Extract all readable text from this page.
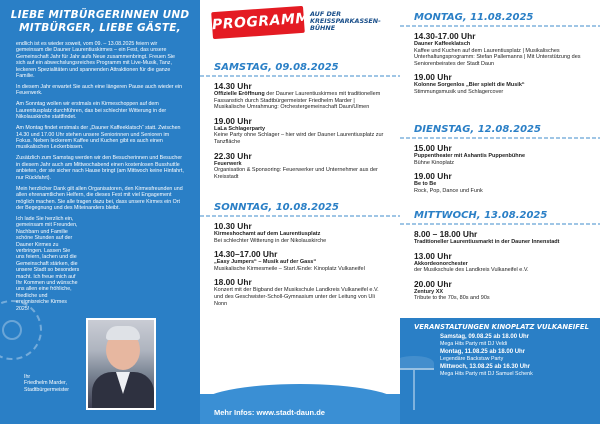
LIEBE MITBÜRGERINNEN UND MITBÜRGER, LIEBE GÄSTE,

endlich ist es wieder soweit, vom 09. – 13.08.2025 feiern wir gemeinsam die Dauner Laurentiuskirmes – ein Fest, das unsere Gemeinschaft Jahr für Jahr aufs Neue zusammenbringt. Freuen Sie sich auf ein abwechslungsreiches Programm mit Live-Musik, Tanz, leckeren Spezialitäten und spannenden Attraktionen für die ganze Familie.

In diesem Jahr erwartet Sie auch eine längeren Pause auch wieder ein Feuerwerk.

Am Sonntag wollen wir erstmals ein Kirmeschoppen auf dem Laurentiusplatz durchführen, das bei schlechter Witterung in der Nikolauskirche stattfindet.

Am Montag findet erstmals der „Dauner Kaffeeklatsch“ statt. Zwischen 14.30 und 17.00 Uhr stehen unsere Seniorinnen und Senioren im Fokus. Neben leckerem Kaffee und Kuchen gibt es auch einen musikalischen Leckerbissen.

Zusätzlich zum Samstag werden wir den Besucherinnen und Besucher in diesem Jahr auch am Mittwochabend einen kostenlosen Busshuttle anbieten, der sie sicher nach Hause bringt (am Mittwoch keine Hinfahrt, nur Rückfahrt).

Mein herzlicher Dank gilt allen Organisatoren, den Kirmesfreunden und allen ehrenamtlichen Helfern, die dieses Fest mit viel Engagement möglich machen. Sie alle tragen dazu bei, dass unsere Kirmes ein Ort der Begegnung und des Miteinanders bleibt.

Ich lade Sie herzlich ein, gemeinsam mit Freunden, Nachbarn und Familie schöne Stunden auf der Dauner Kirmes zu verbringen. Lassen Sie uns feiern, lachen und die Gemeinschaft stärken, die unsere Stadt so besonders macht. Ich freue mich auf Ihr Kommen und wünsche uns allen eine fröhliche, friedliche und ereignisreiche Kirmes 2025!

Ihr
Friedhelm Marder,
Stadtbürgermeister
PROGRAMM AUF DER KREISSPARKASSEN-BÜHNE
SAMSTAG, 09.08.2025
14.30 Uhr
Offizielle Eröffnung der Dauner Laurentiuskirmes mit traditionellem Fassanstich durch Stadtbürgermeister Friedhelm Marder | Musikalische Umrahmung: Orchestergemeinschaft Daun/Ulmen
19.00 Uhr
LaLa Schlagerparty
Keine Party ohne Schlager – hier wird der Dauner Laurentiusplatz zur Tanzfläche
22.30 Uhr
Feuerwerk
Organisation & Sponsoring: Feuerwerker und Unternehmer aus der Kreisstadt
SONNTAG, 10.08.2025
10.30 Uhr
Kirmeshochamt auf dem Laurentiusplatz
Bei schlechter Witterung in der Nikolauskirche
14.30–17.00 Uhr
„Easy Jumpers“ – Musik auf der Gass“
Musikalische Kirmesmeile – Start /Ende: Kinoplatz Vulkaneifel
18.00 Uhr
Konzert mit der Bigband der Musikschule Landkreis Vulkaneifel e.V. und des Geschwister-Scholl-Gymnasium unter der Leitung von Uli Nonn
Mehr Infos: www.stadt-daun.de
MONTAG, 11.08.2025
14.30-17.00 Uhr
Dauner Kaffeeklatsch
Kaffee und Kuchen auf dem Laurentiusplatz | Musikalisches Unterhaltungsprogramm: Stefan Pallemanns | Mit Unterstützung des Seniorenbeirates der Stadt Daun
19.00 Uhr
Kolonne Sorgenlos „Bier spielt die Musik“
Stimmungsmusik und Schlagercover
DIENSTAG, 12.08.2025
15.00 Uhr
Puppentheater mit Ashantis Puppenbühne
Bühne Kinoplatz
19.00 Uhr
Be to Be
Rock, Pop, Dance und Funk
MITTWOCH, 13.08.2025
8.00 – 18.00 Uhr
Traditioneller Laurentiusmarkt in der Dauner Innenstadt
13.00 Uhr
Akkordeonorchester
der Musikschule des Landkreis Vulkaneifel e.V.
20.00 Uhr
Zentury XX
Tribute to the 70s, 80s and 90s
VERANSTALTUNGEN KINOPLATZ VULKANEIFEL
Samstag, 09.08.25 ab 18.00 Uhr
Mega Hits Party mit DJ Veldi
Montag, 11.08.25 ab 18.00 Uhr
Legendäre Backstuw Party
Mittwoch, 13.08.25 ab 16.30 Uhr
Mega Hits Party mit DJ Samuel Schenk
